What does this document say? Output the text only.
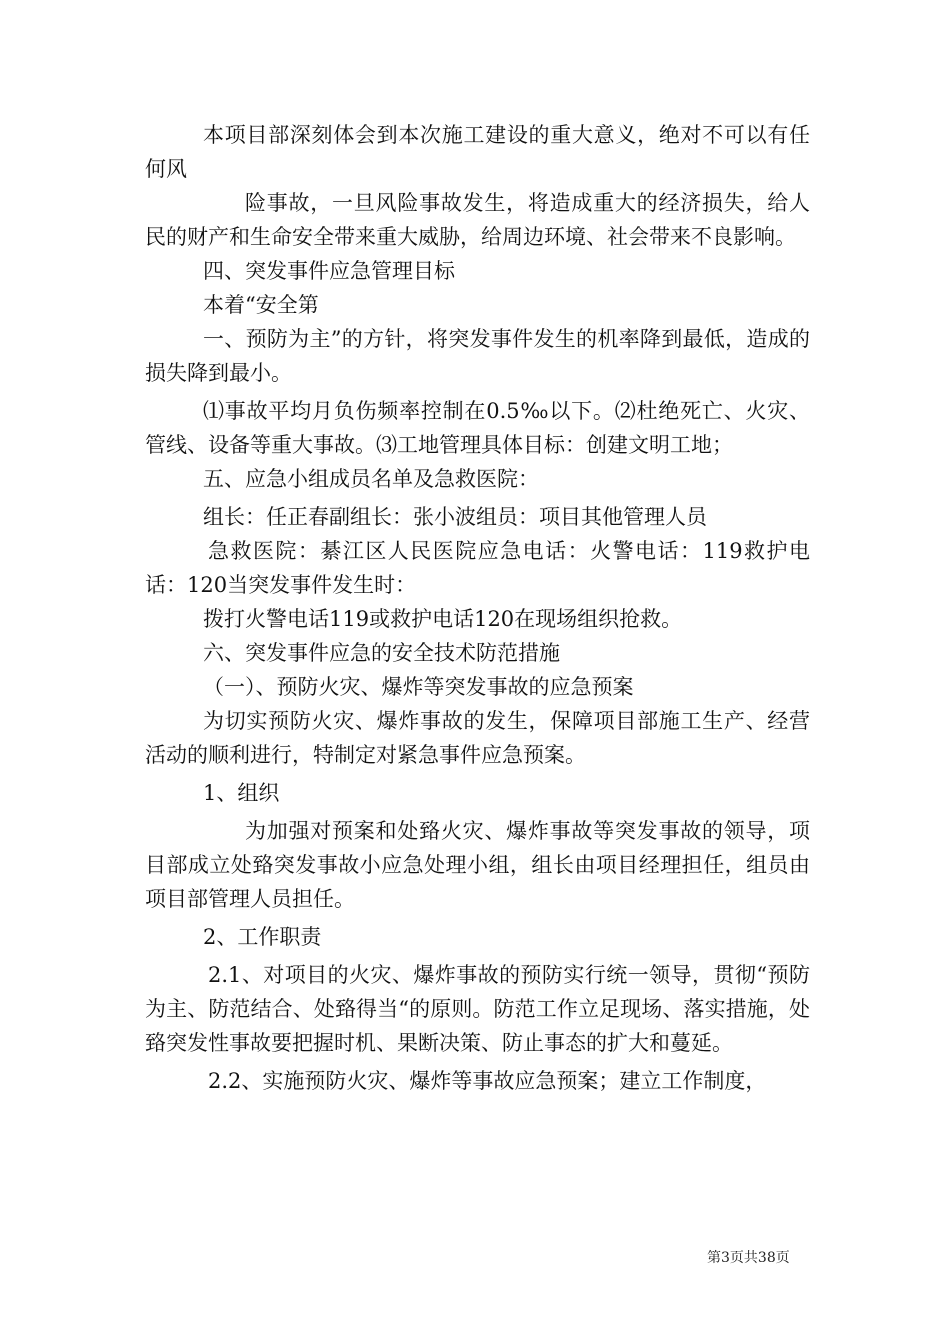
本项目部深刻体会到本次施工建设的重大意义，绝对不可以有任何风

险事故，一旦风险事故发生，将造成重大的经济损失，给人民的财产和生命安全带来重大威胁，给周边环境、社会带来不良影响。

四、突发事件应急管理目标

本着“安全第

一、预防为主”的方针，将突发事件发生的机率降到最低，造成的损失降到最小。

⑴事故平均月负伤频率控制在0.5‰以下。⑵杜绝死亡、火灾、管线、设备等重大事故。⑶工地管理具体目标：创建文明工地；

五、应急小组成员名单及急救医院：

组长：任正春副组长：张小波组员：项目其他管理人员

急救医院：綦江区人民医院应急电话：火警电话：119救护电话：120当突发事件发生时：

拨打火警电话119或救护电话120在现场组织抢救。

六、突发事件应急的安全技术防范措施

（一）、预防火灾、爆炸等突发事故的应急预案

为切实预防火灾、爆炸事故的发生，保障项目部施工生产、经营活动的顺利进行，特制定对紧急事件应急预案。

1、组织

为加强对预案和处臵火灾、爆炸事故等突发事故的领导，项目部成立处臵突发事故小应急处理小组，组长由项目经理担任，组员由项目部管理人员担任。

2、工作职责

2.1、对项目的火灾、爆炸事故的预防实行统一领导，贯彻“预防为主、防范结合、处臵得当“的原则。防范工作立足现场、落实措施，处臵突发性事故要把握时机、果断决策、防止事态的扩大和蔓延。

2.2、实施预防火灾、爆炸等事故应急预案；建立工作制度，

第3页共38页
